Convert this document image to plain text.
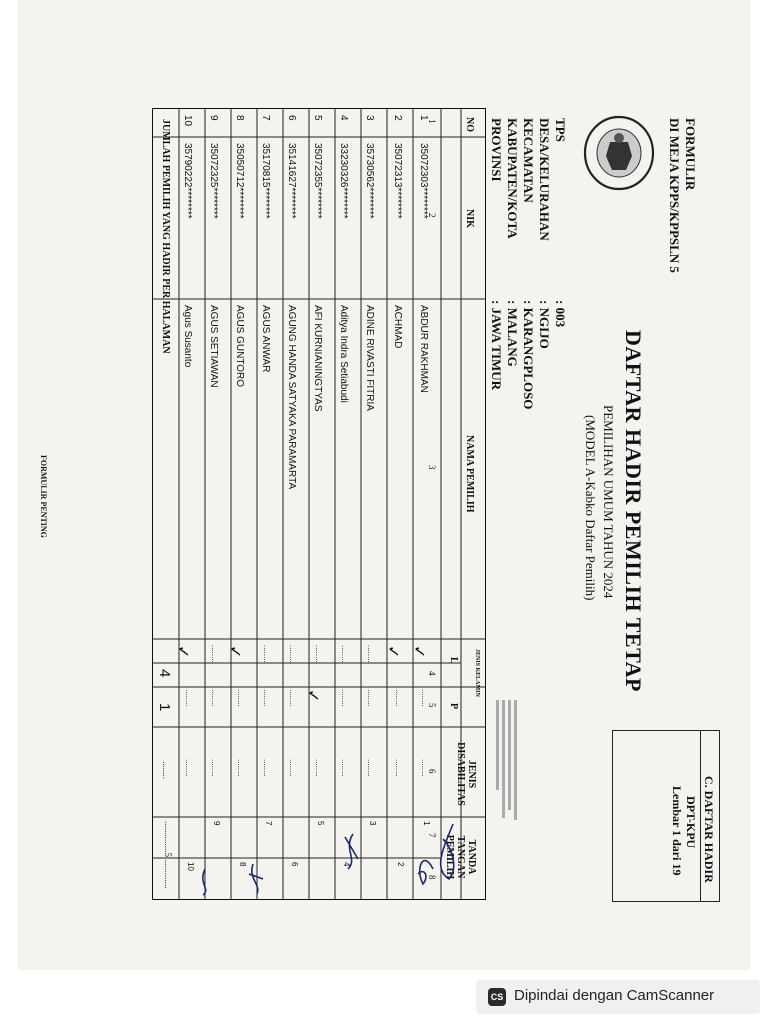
FORMULIR
DI MEJA KPPS/KPPSLN 5
TPS
DESA/KELURAHAN
KECAMATAN
KABUPATEN/KOTA
PROVINSI
: 003
: NGIJO
: KARANGPLOSO
: MALANG
: JAWA TIMUR	DAFTAR HADIR PEMILIH TETAP
PEMILIHAN UMUM TAHUN 2024
(MODEL A-Kabko Daftar Pemilih)
C. DAFTAR HADIR
DPT-KPU
Lembar 1 dari 19
NO
NIK
NAMA PEMILIH
JENIS KELAMIN
L
P
JENIS DISABILITAS
TANDA TANGAN PEMILIH
1
2
3
4
5
6
7
8
1
35072303********
ABDUR RAKHMAN
✓
........
........
1
2
35072313********
ACHMAD
✓
........
........
2
3
35730562********
ADINE RIVASTI FITRIA
........
........
........
3
4
33230326********
Aditya Indra Setiabudi
........
........
........
4
5
35072355********
AFI KURNIANINGTYAS
........
✓
........
5
6
35141627********
AGUNG HANDA SATYAKA PARAMARTA
........
........
........
6
7
35170815********
AGUS ANWAR
........
........
........
7
8
35050712********
AGUS GUNTORO
✓
........
........
8
9
35072325********
AGUS SETIAWAN
........
........
........
9
10
35790222********
Agus Susanto
✓
........
........
10
JUMLAH PEMILIH YANG HADIR PER HALAMAN
4
1
........
..............5..............
FORMULIR PENTING
CS Dipindai dengan CamScanner
